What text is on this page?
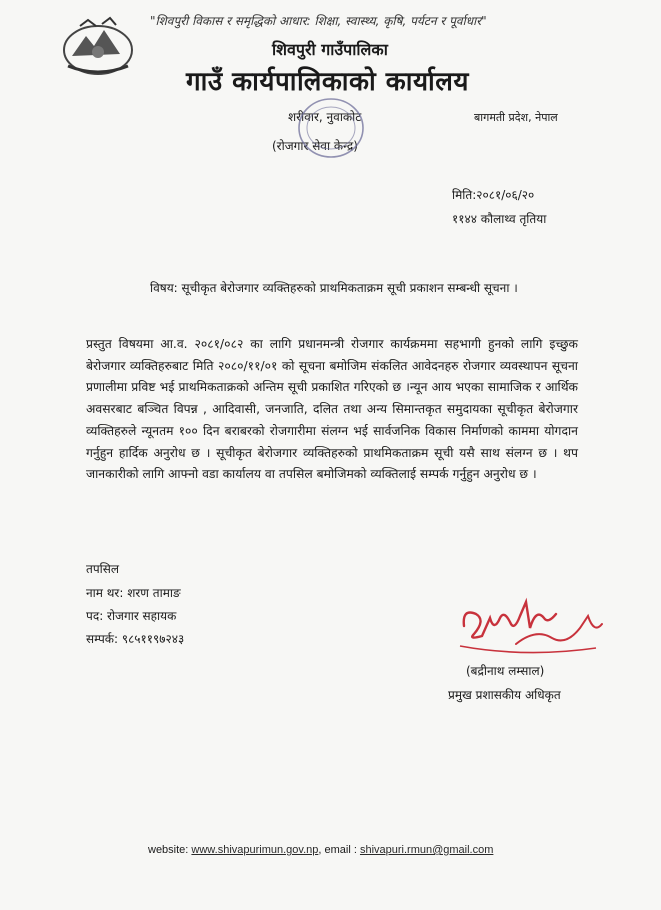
"शिवपुरी विकास र समृद्धिको आधार: शिक्षा, स्वास्थ्य, कृषि, पर्यटन र पूर्वाधार"
शिवपुरी गाउँपालिका
गाउँ कार्यपालिकाको कार्यालय
शरीवार, नुवाकोट
(रोजगार सेवा केन्द्र)
बागमती प्रदेश, नेपाल
मिति:२०८१/०६/२०
११४४ कौलाथ्व तृतिया
विषय: सूचीकृत बेरोजगार व्यक्तिहरुको प्राथमिकताक्रम सूची प्रकाशन सम्बन्धी सूचना ।
प्रस्तुत विषयमा आ.व. २०८१/०८२ का लागि प्रधानमन्त्री रोजगार कार्यक्रममा सहभागी हुनको लागि इच्छुक बेरोजगार व्यक्तिहरुबाट मिति २०८०/११/०१ को सूचना बमोजिम संकलित आवेदनहरु रोजगार व्यवस्थापन सूचना प्रणालीमा प्रविष्ट भई प्राथमिकताक्रको अन्तिम सूची प्रकाशित गरिएको छ ।न्यून आय भएका सामाजिक र आर्थिक अवसरबाट बञ्चित विपन्न , आदिवासी, जनजाति, दलित तथा अन्य सिमान्तकृत समुदायका सूचीकृत बेरोजगार व्यक्तिहरुले न्यूनतम १०० दिन बराबरको रोजगारीमा संलग्न भई सार्वजनिक विकास निर्माणको काममा योगदान गर्नुहुन हार्दिक अनुरोध छ । सूचीकृत बेरोजगार व्यक्तिहरुको प्राथमिकताक्रम सूची यसै साथ संलग्न छ । थप जानकारीको लागि आफ्नो वडा कार्यालय वा तपसिल बमोजिमको व्यक्तिलाई सम्पर्क गर्नुहुन अनुरोध छ ।
तपसिल
नाम थर: शरण तामाङ
पद: रोजगार सहायक
सम्पर्क: ९८५११९७२४३
(बद्रीनाथ लम्साल)
प्रमुख प्रशासकीय अधिकृत
website: www.shivapurimun.gov.np, email : shivapuri.rmun@gmail.com
